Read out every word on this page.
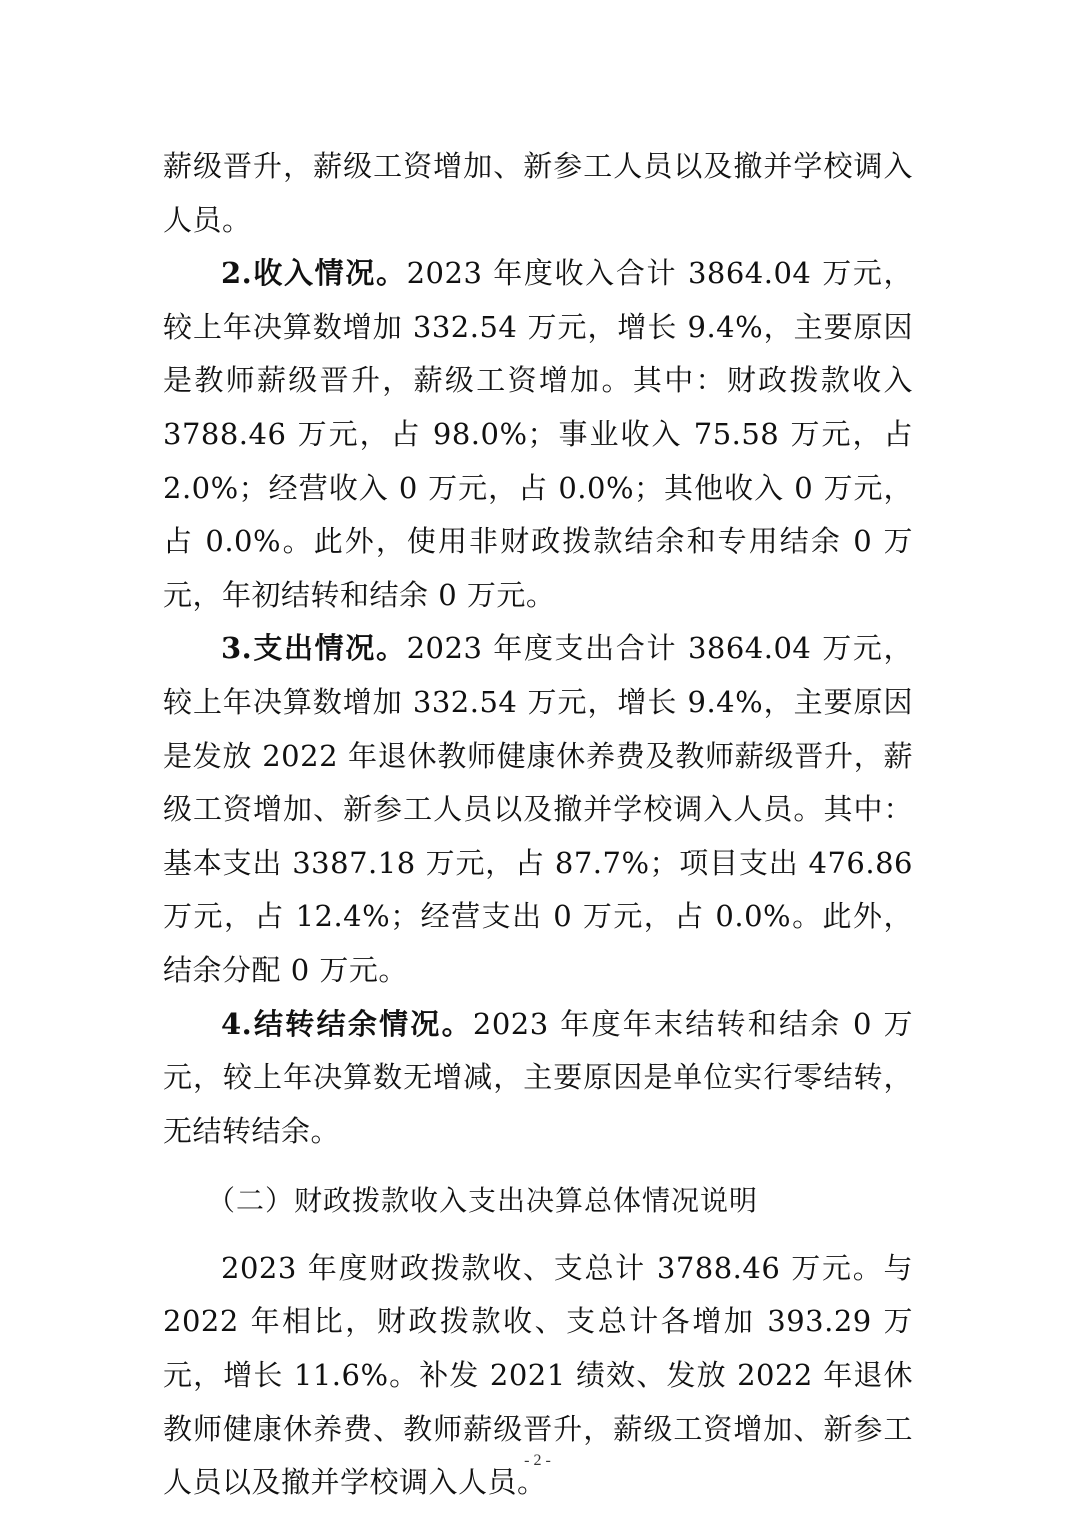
薪级晋升，薪级工资增加、新参工人员以及撤并学校调入人员。

2.收入情况。2023 年度收入合计 3864.04 万元，较上年决算数增加 332.54 万元，增长 9.4%，主要原因是教师薪级晋升，薪级工资增加。其中：财政拨款收入 3788.46 万元，占 98.0%；事业收入 75.58 万元，占 2.0%；经营收入 0 万元，占 0.0%；其他收入 0 万元，占 0.0%。此外，使用非财政拨款结余和专用结余 0 万元，年初结转和结余 0 万元。

3.支出情况。2023 年度支出合计 3864.04 万元，较上年决算数增加 332.54 万元，增长 9.4%，主要原因是发放 2022 年退休教师健康休养费及教师薪级晋升，薪级工资增加、新参工人员以及撤并学校调入人员。其中：基本支出 3387.18 万元，占 87.7%；项目支出 476.86 万元，占 12.4%；经营支出 0 万元，占 0.0%。此外，结余分配 0 万元。

4.结转结余情况。2023 年度年末结转和结余 0 万元，较上年决算数无增减，主要原因是单位实行零结转，无结转结余。

（二）财政拨款收入支出决算总体情况说明

2023 年度财政拨款收、支总计 3788.46 万元。与 2022 年相比，财政拨款收、支总计各增加 393.29 万元，增长 11.6%。补发 2021 绩效、发放 2022 年退休教师健康休养费、教师薪级晋升，薪级工资增加、新参工人员以及撤并学校调入人员。

- 2 -
